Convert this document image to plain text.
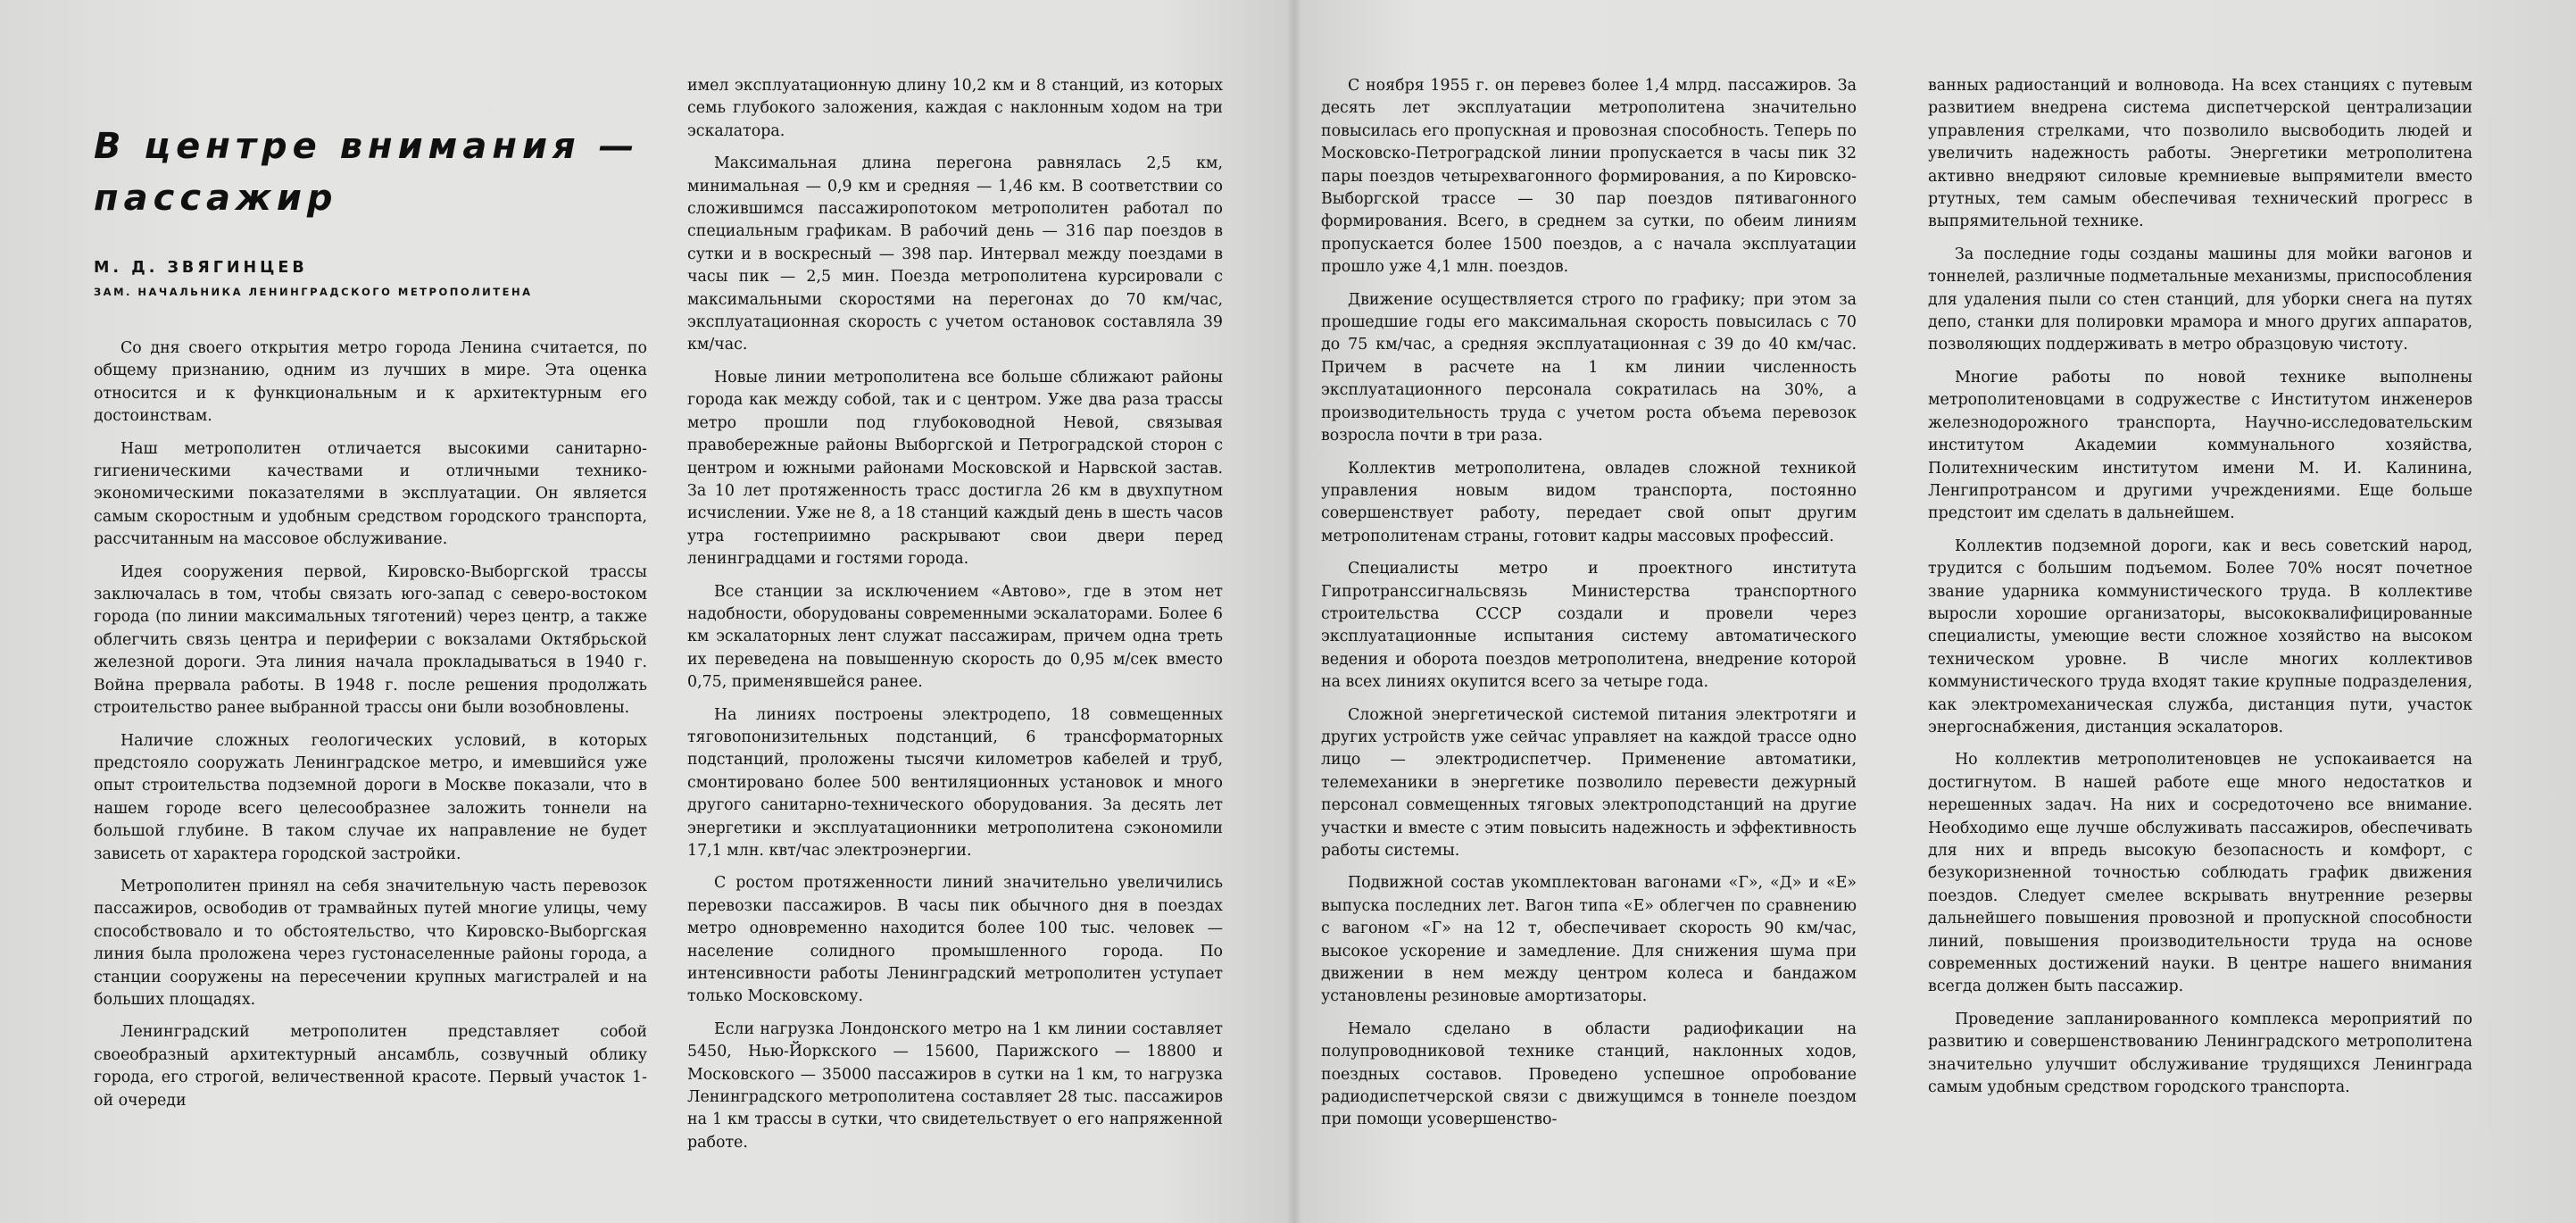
В центре внимания — пассажир
М. Д. ЗВЯГИНЦЕВ
ЗАМ. НАЧАЛЬНИКА ЛЕНИНГРАДСКОГО МЕТРОПОЛИТЕНА

Со дня своего открытия метро города Ленина считается, по общему признанию, одним из лучших в мире. Эта оценка относится и к функциональным и к архитектурным его достоинствам.

Наш метрополитен отличается высокими санитарно-гигиеническими качествами и отличными технико-экономическими показателями в эксплуатации. Он является самым скоростным и удобным средством городского транспорта, рассчитанным на массовое обслуживание.

Идея сооружения первой, Кировско-Выборгской трассы заключалась в том, чтобы связать юго-запад с северо-востоком города (по линии максимальных тяготений) через центр, а также облегчить связь центра и периферии с вокзалами Октябрьской железной дороги. Эта линия начала прокладываться в 1940 г. Война прервала работы. В 1948 г. после решения продолжать строительство ранее выбранной трассы они были возобновлены.

Наличие сложных геологических условий, в которых предстояло сооружать Ленинградское метро, и имевшийся уже опыт строительства подземной дороги в Москве показали, что в нашем городе всего целесообразнее заложить тоннели на большой глубине. В таком случае их направление не будет зависеть от характера городской застройки.

Метрополитен принял на себя значительную часть перевозок пассажиров, освободив от трамвайных путей многие улицы, чему способствовало и то обстоятельство, что Кировско-Выборгская линия была проложена через густонаселенные районы города, а станции сооружены на пересечении крупных магистралей и на больших площадях.

Ленинградский метрополитен представляет собой своеобразный архитектурный ансамбль, созвучный облику города, его строгой, величественной красоте. Первый участок 1-ой очереди

имел эксплуатационную длину 10,2 км и 8 станций, из которых семь глубокого заложения, каждая с наклонным ходом на три эскалатора.

Максимальная длина перегона равнялась 2,5 км, минимальная — 0,9 км и средняя — 1,46 км. В соответствии со сложившимся пассажиропотоком метрополитен работал по специальным графикам. В рабочий день — 316 пар поездов в сутки и в воскресный — 398 пар. Интервал между поездами в часы пик — 2,5 мин. Поезда метрополитена курсировали с максимальными скоростями на перегонах до 70 км/час, эксплуатационная скорость с учетом остановок составляла 39 км/час.

Новые линии метрополитена все больше сближают районы города как между собой, так и с центром. Уже два раза трассы метро прошли под глубоководной Невой, связывая правобережные районы Выборгской и Петроградской сторон с центром и южными районами Московской и Нарвской застав. За 10 лет протяженность трасс достигла 26 км в двухпутном исчислении. Уже не 8, а 18 станций каждый день в шесть часов утра гостеприимно раскрывают свои двери перед ленинградцами и гостями города.

Все станции за исключением «Автово», где в этом нет надобности, оборудованы современными эскалаторами. Более 6 км эскалаторных лент служат пассажирам, причем одна треть их переведена на повышенную скорость до 0,95 м/сек вместо 0,75, применявшейся ранее.

На линиях построены электродепо, 18 совмещенных тяговопонизительных подстанций, 6 трансформаторных подстанций, проложены тысячи километров кабелей и труб, смонтировано более 500 вентиляционных установок и много другого санитарно-технического оборудования. За десять лет энергетики и эксплуатационники метрополитена сэкономили 17,1 млн. квт/час электроэнергии.

С ростом протяженности линий значительно увеличились перевозки пассажиров. В часы пик обычного дня в поездах метро одновременно находится более 100 тыс. человек — население солидного промышленного города. По интенсивности работы Ленинградский метрополитен уступает только Московскому.

Если нагрузка Лондонского метро на 1 км линии составляет 5450, Нью-Йоркского — 15600, Парижского — 18800 и Московского — 35000 пассажиров в сутки на 1 км, то нагрузка Ленинградского метрополитена составляет 28 тыс. пассажиров на 1 км трассы в сутки, что свидетельствует о его напряженной работе.

С ноября 1955 г. он перевез более 1,4 млрд. пассажиров. За десять лет эксплуатации метрополитена значительно повысилась его пропускная и провозная способность. Теперь по Московско-Петроградской линии пропускается в часы пик 32 пары поездов четырехвагонного формирования, а по Кировско-Выборгской трассе — 30 пар поездов пятивагонного формирования. Всего, в среднем за сутки, по обеим линиям пропускается более 1500 поездов, а с начала эксплуатации прошло уже 4,1 млн. поездов.

Движение осуществляется строго по графику; при этом за прошедшие годы его максимальная скорость повысилась с 70 до 75 км/час, а средняя эксплуатационная с 39 до 40 км/час. Причем в расчете на 1 км линии численность эксплуатационного персонала сократилась на 30%, а производительность труда с учетом роста объема перевозок возросла почти в три раза.

Коллектив метрополитена, овладев сложной техникой управления новым видом транспорта, постоянно совершенствует работу, передает свой опыт другим метрополитенам страны, готовит кадры массовых профессий.

Специалисты метро и проектного института Гипротранссигнальсвязь Министерства транспортного строительства СССР создали и провели через эксплуатационные испытания систему автоматического ведения и оборота поездов метрополитена, внедрение которой на всех линиях окупится всего за четыре года.

Сложной энергетической системой питания электротяги и других устройств уже сейчас управляет на каждой трассе одно лицо — электродиспетчер. Применение автоматики, телемеханики в энергетике позволило перевести дежурный персонал совмещенных тяговых электроподстанций на другие участки и вместе с этим повысить надежность и эффективность работы системы.

Подвижной состав укомплектован вагонами «Г», «Д» и «Е» выпуска последних лет. Вагон типа «Е» облегчен по сравнению с вагоном «Г» на 12 т, обеспечивает скорость 90 км/час, высокое ускорение и замедление. Для снижения шума при движении в нем между центром колеса и бандажом установлены резиновые амортизаторы.

Немало сделано в области радиофикации на полупроводниковой технике станций, наклонных ходов, поездных составов. Проведено успешное опробование радиодиспетчерской связи с движущимся в тоннеле поездом при помощи усовершенство-

ванных радиостанций и волновода. На всех станциях с путевым развитием внедрена система диспетчерской централизации управления стрелками, что позволило высвободить людей и увеличить надежность работы. Энергетики метрополитена активно внедряют силовые кремниевые выпрямители вместо ртутных, тем самым обеспечивая технический прогресс в выпрямительной технике.

За последние годы созданы машины для мойки вагонов и тоннелей, различные подметальные механизмы, приспособления для удаления пыли со стен станций, для уборки снега на путях депо, станки для полировки мрамора и много других аппаратов, позволяющих поддерживать в метро образцовую чистоту.

Многие работы по новой технике выполнены метрополитеновцами в содружестве с Институтом инженеров железнодорожного транспорта, Научно-исследовательским институтом Академии коммунального хозяйства, Политехническим институтом имени М. И. Калинина, Ленгипротрансом и другими учреждениями. Еще больше предстоит им сделать в дальнейшем.

Коллектив подземной дороги, как и весь советский народ, трудится с большим подъемом. Более 70% носят почетное звание ударника коммунистического труда. В коллективе выросли хорошие организаторы, высококвалифицированные специалисты, умеющие вести сложное хозяйство на высоком техническом уровне. В числе многих коллективов коммунистического труда входят такие крупные подразделения, как электромеханическая служба, дистанция пути, участок энергоснабжения, дистанция эскалаторов.

Но коллектив метрополитеновцев не успокаивается на достигнутом. В нашей работе еще много недостатков и нерешенных задач. На них и сосредоточено все внимание. Необходимо еще лучше обслуживать пассажиров, обеспечивать для них и впредь высокую безопасность и комфорт, с безукоризненной точностью соблюдать график движения поездов. Следует смелее вскрывать внутренние резервы дальнейшего повышения провозной и пропускной способности линий, повышения производительности труда на основе современных достижений науки. В центре нашего внимания всегда должен быть пассажир.

Проведение запланированного комплекса мероприятий по развитию и совершенствованию Ленинградского метрополитена значительно улучшит обслуживание трудящихся Ленинграда самым удобным средством городского транспорта.
